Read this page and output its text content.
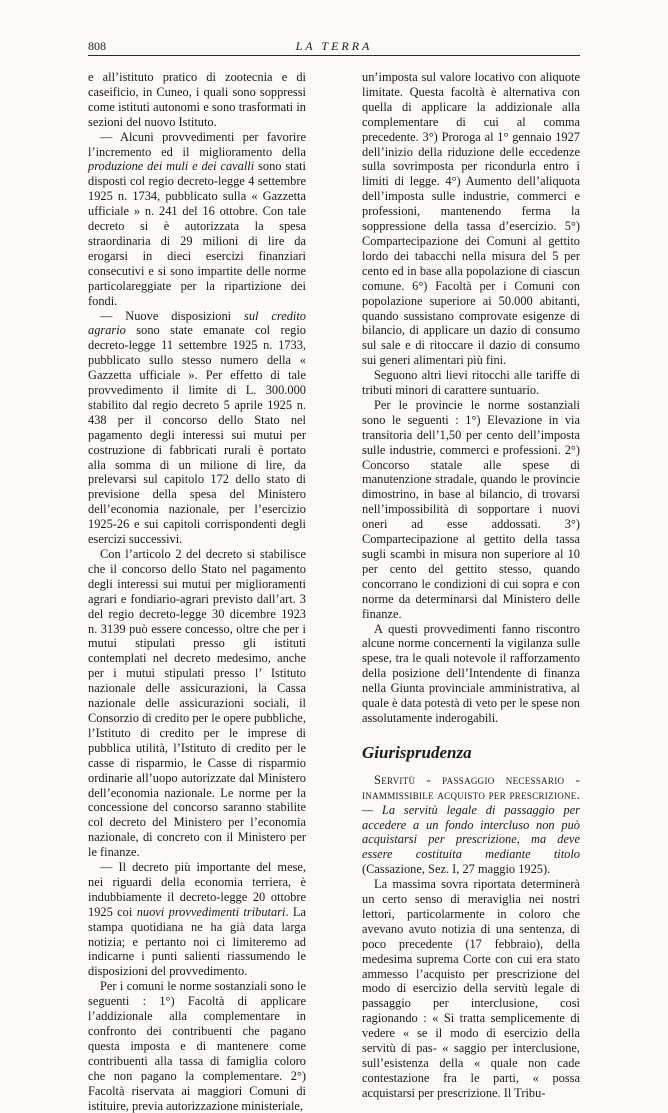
808	LA TERRA

e all’istituto pratico di zootecnia e di caseificio, in Cuneo, i quali sono soppressi come istituti autonomi e sono trasformati in sezioni del nuovo Istituto.

— Alcuni provvedimenti per favorire l’incremento ed il miglioramento della produzione dei muli e dei cavalli sono stati disposti col regio decreto-legge 4 settembre 1925 n. 1734, pubblicato sulla « Gazzetta ufficiale » n. 241 del 16 ottobre. Con tale decreto si è autorizzata la spesa straordinaria di 29 milioni di lire da erogarsi in dieci esercizi finanziari consecutivi e si sono impartite delle norme particolareggiate per la ripartizione dei fondi.

— Nuove disposizioni sul credito agrario sono state emanate col regio decreto-legge 11 settembre 1925 n. 1733, pubblicato sullo stesso numero della « Gazzetta ufficiale ». Per effetto di tale provvedimento il limite di L. 300.000 stabilito dal regio decreto 5 aprile 1925 n. 438 per il concorso dello Stato nel pagamento degli interessi sui mutui per costruzione di fabbricati rurali è portato alla somma di un milione di lire, da prelevarsi sul capitolo 172 dello stato di previsione della spesa del Ministero dell’economia nazionale, per l’esercizio 1925-26 e sui capitoli corrispondenti degli esercizi successivi.

Con l’articolo 2 del decreto si stabilisce che il concorso dello Stato nel pagamento degli interessi sui mutui per miglioramenti agrari e fondiario-agrari previsto dall’art. 3 del regio decreto-legge 30 dicembre 1923 n. 3139 può essere concesso, oltre che per i mutui stipulati presso gli istituti contemplati nel decreto medesimo, anche per i mutui stipulati presso l’ Istituto nazionale delle assicurazioni, la Cassa nazionale delle assicurazioni sociali, il Consorzio di credito per le opere pubbliche, l’Istituto di credito per le imprese di pubblica utilità, l’Istituto di credito per le casse di risparmio, le Casse di risparmio ordinarie all’uopo autorizzate dal Ministero dell’economia nazionale. Le norme per la concessione del concorso saranno stabilite col decreto del Ministero per l’economia nazionale, di concreto con il Ministero per le finanze.

— Il decreto più importante del mese, nei riguardi della economia terriera, è indubbiamente il decreto-legge 20 ottobre 1925 coi nuovi provvedimenti tributari. La stampa quotidiana ne ha già data larga notizia; e pertanto noi ci limiteremo ad indicarne i punti salienti riassumendo le disposizioni del provvedimento.

Per i comuni le norme sostanziali sono le seguenti : 1°) Facoltà di applicare l’addizionale alla complementare in confronto dei contribuenti che pagano questa imposta e di mantenere come contribuenti alla tassa di famiglia coloro che non pagano la complementare. 2°) Facoltà riservata ai maggiori Comuni di istituire, previa autorizzazione ministeriale,

un’imposta sul valore locativo con aliquote limitate. Questa facoltà è alternativa con quella di applicare la addizionale alla complementare di cui al comma precedente. 3°) Proroga al 1° gennaio 1927 dell’inizio della riduzione delle eccedenze sulla sovrimposta per ricondurla entro i limiti di legge. 4°) Aumento dell’aliquota dell’imposta sulle industrie, commerci e professioni, mantenendo ferma la soppressione della tassa d’esercizio. 5°) Compartecipazione dei Comuni al gettito lordo dei tabacchi nella misura del 5 per cento ed in base alla popolazione di ciascun comune. 6°) Facoltà per i Comuni con popolazione superiore ai 50.000 abitanti, quando sussistano comprovate esigenze di bilancio, di applicare un dazio di consumo sul sale e di ritoccare il dazio di consumo sui generi alimentari più fini.

Seguono altri lievi ritocchi alle tariffe di tributi minori di carattere suntuario.

Per le provincie le norme sostanziali sono le seguenti : 1°) Elevazione in via transitoria dell’1,50 per cento dell’imposta sulle industrie, commerci e professioni. 2°) Concorso statale alle spese di manutenzione stradale, quando le provincie dimostrino, in base al bilancio, di trovarsi nell’impossibilità di sopportare i nuovi oneri ad esse addossati. 3°) Compartecipazione al gettito della tassa sugli scambi in misura non superiore al 10 per cento del gettito stesso, quando concorrano le condizioni di cui sopra e con norme da determinarsi dal Ministero delle finanze.

A questi provvedimenti fanno riscontro alcune norme concernenti la vigilanza sulle spese, tra le quali notevole il rafforzamento della posizione dell’Intendente di finanza nella Giunta provinciale amministrativa, al quale è data potestà di veto per le spese non assolutamente inderogabili.

Giurisprudenza

Servitù - passaggio necessario - inammissibile acquisto per prescrizione. — La servitù legale di passaggio per accedere a un fondo intercluso non può acquistarsi per prescrizione, ma deve essere costituita mediante titolo (Cassazione, Sez. I, 27 maggio 1925).

La massima sovra riportata determinerà un certo senso di meraviglia nei nostri lettori, particolarmente in coloro che avevano avuto notizia di una sentenza, di poco precedente (17 febbraio), della medesima suprema Corte con cui era stato ammesso l’acquisto per prescrizione del modo di esercizio della servitù legale di passaggio per interclusione, così ragionando : « Si tratta semplicemente di vedere « se il modo di esercizio della servitù di pas- « saggio per interclusione, sull’esistenza della « quale non cade contestazione fra le parti, « possa acquistarsi per prescrizione. Il Tribu-
